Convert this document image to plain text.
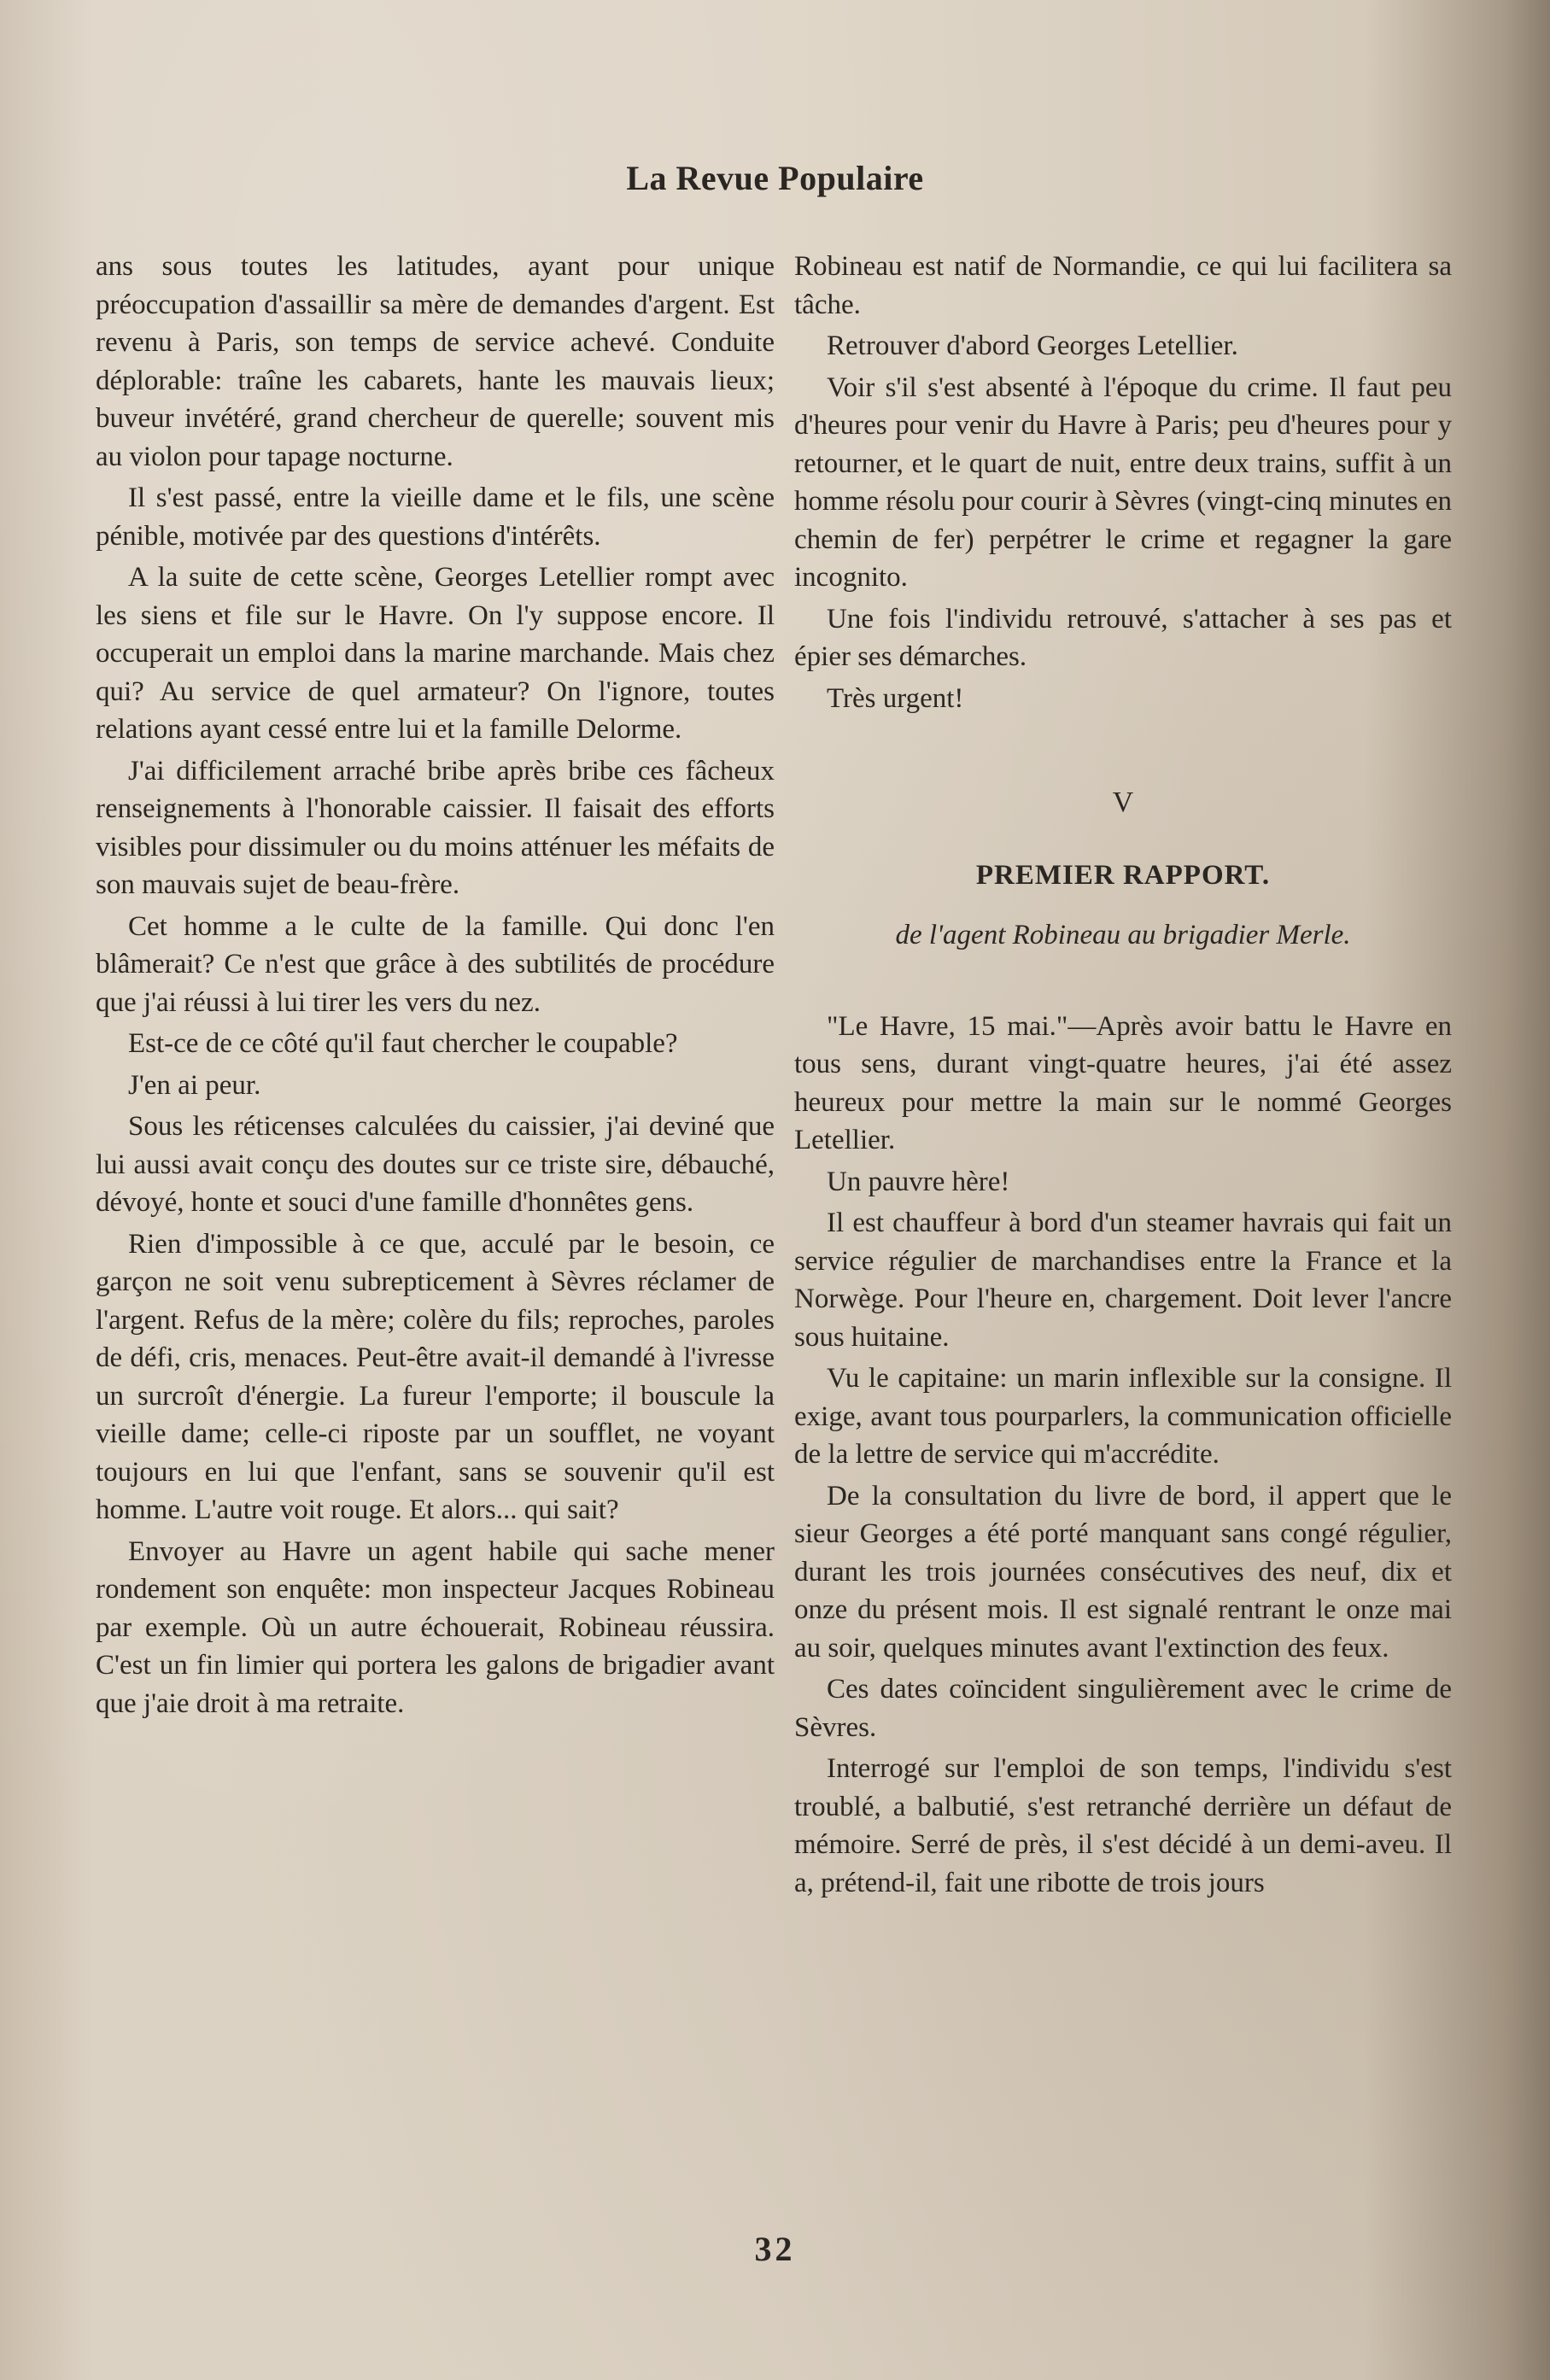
La Revue Populaire

ans sous toutes les latitudes, ayant pour unique préoccupation d'assaillir sa mère de demandes d'argent. Est revenu à Paris, son temps de service achevé. Conduite déplorable: traîne les cabarets, hante les mauvais lieux; buveur invétéré, grand chercheur de querelle; souvent mis au violon pour tapage nocturne.

Il s'est passé, entre la vieille dame et le fils, une scène pénible, motivée par des questions d'intérêts.

A la suite de cette scène, Georges Letellier rompt avec les siens et file sur le Havre. On l'y suppose encore. Il occuperait un emploi dans la marine marchande. Mais chez qui? Au service de quel armateur? On l'ignore, toutes relations ayant cessé entre lui et la famille Delorme.

J'ai difficilement arraché bribe après bribe ces fâcheux renseignements à l'honorable caissier. Il faisait des efforts visibles pour dissimuler ou du moins atténuer les méfaits de son mauvais sujet de beau-frère.

Cet homme a le culte de la famille. Qui donc l'en blâmerait? Ce n'est que grâce à des subtilités de procédure que j'ai réussi à lui tirer les vers du nez.

Est-ce de ce côté qu'il faut chercher le coupable?

J'en ai peur.

Sous les réticenses calculées du caissier, j'ai deviné que lui aussi avait conçu des doutes sur ce triste sire, débauché, dévoyé, honte et souci d'une famille d'honnêtes gens.

Rien d'impossible à ce que, acculé par le besoin, ce garçon ne soit venu subrepticement à Sèvres réclamer de l'argent. Refus de la mère; colère du fils; reproches, paroles de défi, cris, menaces. Peut-être avait-il demandé à l'ivresse un surcroît d'énergie. La fureur l'emporte; il bouscule la vieille dame; celle-ci riposte par un soufflet, ne voyant toujours en lui que l'enfant, sans se souvenir qu'il est homme. L'autre voit rouge. Et alors... qui sait?

Envoyer au Havre un agent habile qui sache mener rondement son enquête: mon inspecteur Jacques Robineau par exemple. Où un autre échouerait, Robineau réussira. C'est un fin limier qui portera les galons de brigadier avant que j'aie droit à ma retraite.

Robineau est natif de Normandie, ce qui lui facilitera sa tâche.

Retrouver d'abord Georges Letellier.

Voir s'il s'est absenté à l'époque du crime. Il faut peu d'heures pour venir du Havre à Paris; peu d'heures pour y retourner, et le quart de nuit, entre deux trains, suffit à un homme résolu pour courir à Sèvres (vingt-cinq minutes en chemin de fer) perpétrer le crime et regagner la gare incognito.

Une fois l'individu retrouvé, s'attacher à ses pas et épier ses démarches.

Très urgent!

V
PREMIER RAPPORT.
de l'agent Robineau au brigadier Merle.

"Le Havre, 15 mai."—Après avoir battu le Havre en tous sens, durant vingt-quatre heures, j'ai été assez heureux pour mettre la main sur le nommé Georges Letellier.

Un pauvre hère!

Il est chauffeur à bord d'un steamer havrais qui fait un service régulier de marchandises entre la France et la Norwège. Pour l'heure en, chargement. Doit lever l'ancre sous huitaine.

Vu le capitaine: un marin inflexible sur la consigne. Il exige, avant tous pourparlers, la communication officielle de la lettre de service qui m'accrédite.

De la consultation du livre de bord, il appert que le sieur Georges a été porté manquant sans congé régulier, durant les trois journées consécutives des neuf, dix et onze du présent mois. Il est signalé rentrant le onze mai au soir, quelques minutes avant l'extinction des feux.

Ces dates coïncident singulièrement avec le crime de Sèvres.

Interrogé sur l'emploi de son temps, l'individu s'est troublé, a balbutié, s'est retranché derrière un défaut de mémoire. Serré de près, il s'est décidé à un demi-aveu. Il a, prétend-il, fait une ribotte de trois jours

32
